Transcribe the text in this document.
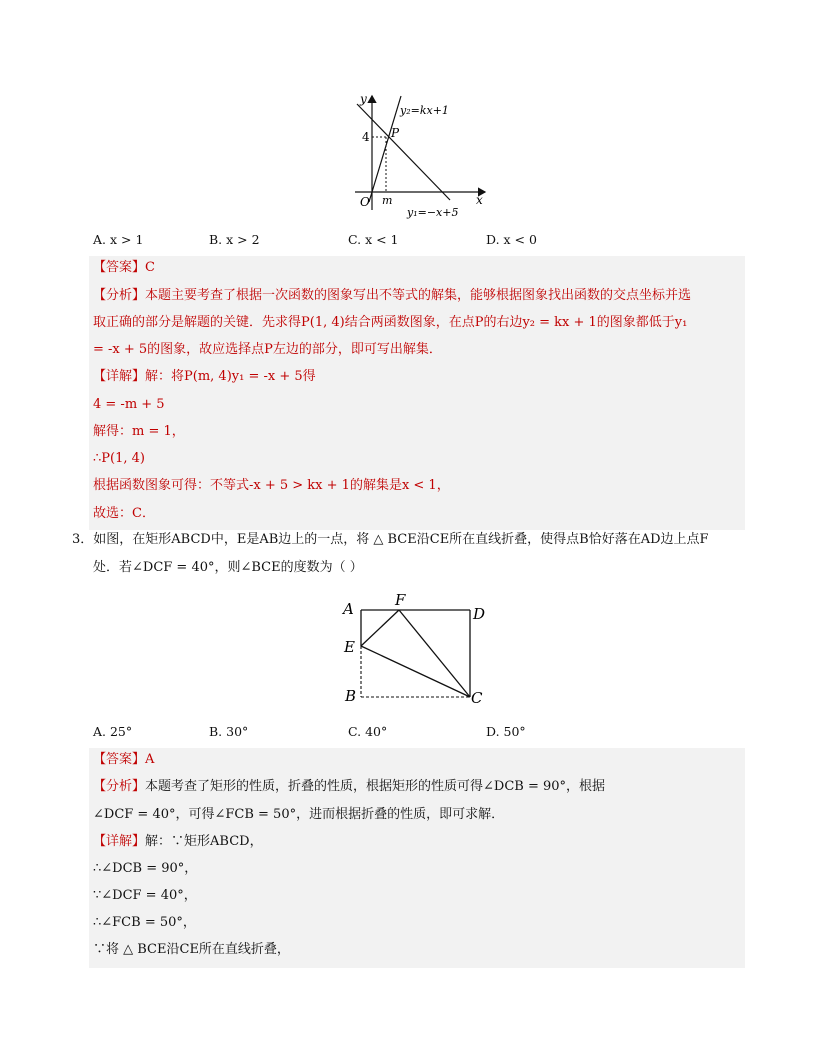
y
x
O
4
m
P
y₂=kx+1
y₁=−x+5
A. x > 1	B. x > 2	C. x < 1	D. x < 0
【答案】C
【分析】本题主要考查了根据一次函数的图象写出不等式的解集，能够根据图象找出函数的交点坐标并选
取正确的部分是解题的关键．先求得P(1, 4)结合两函数图象，在点P的右边y₂ = kx + 1的图象都低于y₁
= -x + 5的图象，故应选择点P左边的部分，即可写出解集．
【详解】解：将P(m, 4)y₁ = -x + 5得
4 = -m + 5
解得：m = 1，
∴P(1, 4)
根据函数图象可得：不等式-x + 5 > kx + 1的解集是x < 1，
故选：C．
3．如图，在矩形ABCD中，E是AB边上的一点，将 △ BCE沿CE所在直线折叠，使得点B恰好落在AD边上点F
处．若∠DCF = 40°，则∠BCE的度数为（ ）
A	F
D
E
B	C
A. 25°	B. 30°	C. 40°	D. 50°
【答案】A
【分析】本题考查了矩形的性质，折叠的性质，根据矩形的性质可得∠DCB = 90°，根据
∠DCF = 40°，可得∠FCB = 50°，进而根据折叠的性质，即可求解．
【详解】解：∵矩形ABCD，
∴∠DCB = 90°，
∵∠DCF = 40°，
∴∠FCB = 50°，
∵将 △ BCE沿CE所在直线折叠，
